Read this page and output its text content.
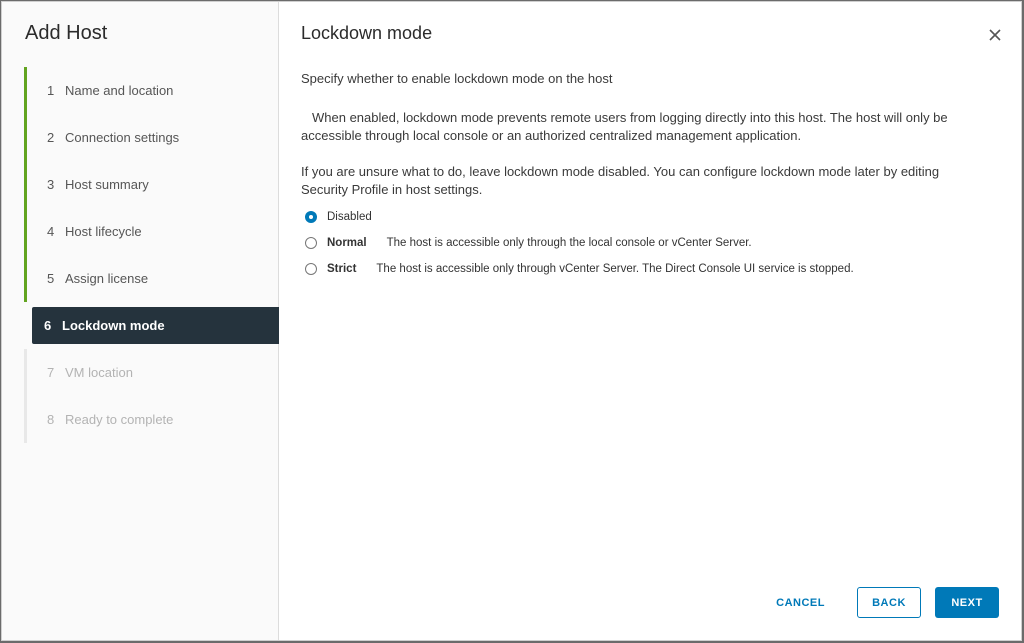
Add Host
1 Name and location
2 Connection settings
3 Host summary
4 Host lifecycle
5 Assign license
6 Lockdown mode
7 VM location
8 Ready to complete
Lockdown mode
Specify whether to enable lockdown mode on the host
When enabled, lockdown mode prevents remote users from logging directly into this host. The host will only be accessible through local console or an authorized centralized management application.
If you are unsure what to do, leave lockdown mode disabled. You can configure lockdown mode later by editing Security Profile in host settings.
Disabled
Normal The host is accessible only through the local console or vCenter Server.
Strict The host is accessible only through vCenter Server. The Direct Console UI service is stopped.
CANCEL	BACK	NEXT
